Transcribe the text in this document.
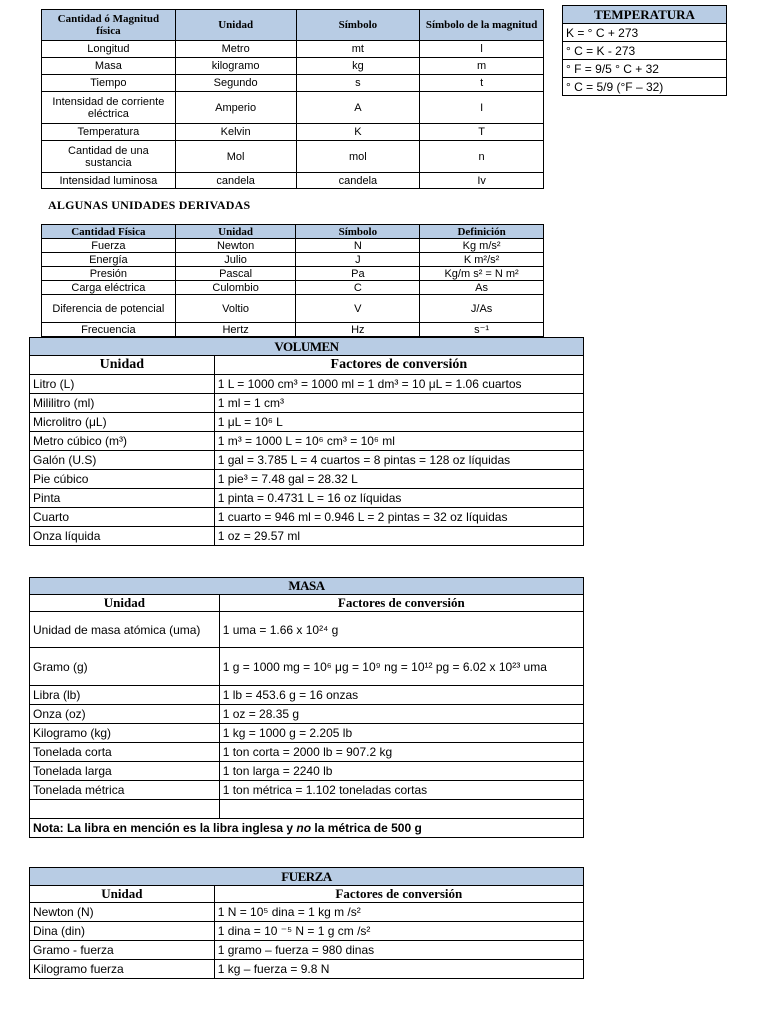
Cantidad ó Magnitud física	Unidad	Símbolo	Símbolo de la magnitud
Longitud	Metro	mt	l
Masa	kilogramo	kg	m
Tiempo	Segundo	s	t
Intensidad de corriente eléctrica	Amperio	A	I
Temperatura	Kelvin	K	T
Cantidad de una sustancia	Mol	mol	n
Intensidad luminosa	candela	candela	Iv
TEMPERATURA
K = ° C + 273
° C = K - 273
° F = 9/5 ° C + 32
° C = 5/9 (°F – 32)
ALGUNAS UNIDADES DERIVADAS
Cantidad Física	Unidad	Símbolo	Definición
Fuerza	Newton	N	Kg m/s²
Energía	Julio	J	K m²/s²
Presión	Pascal	Pa	Kg/m s² = N m²
Carga eléctrica	Culombio	C	As
Diferencia de potencial	Voltio	V	J/As
Frecuencia	Hertz	Hz	s⁻¹
VOLUMEN	
Unidad	Factores de conversión
Litro (L)	1 L = 1000 cm³ = 1000 ml = 1 dm³ = 10 μL = 1.06 cuartos
Mililitro (ml)	1 ml = 1 cm³
Microlitro (μL)	1 μL = 10⁶ L
Metro cúbico (m³)	1 m³ = 1000 L = 10⁶ cm³ = 10⁶ ml
Galón (U.S)	1 gal = 3.785 L = 4 cuartos = 8 pintas = 128 oz líquidas
Pie cúbico	1 pie³ = 7.48 gal = 28.32 L
Pinta	1 pinta = 0.4731 L = 16 oz líquidas
Cuarto	1 cuarto = 946 ml = 0.946 L = 2 pintas = 32 oz líquidas
Onza líquida	1 oz = 29.57 ml
MASA	
Unidad	Factores de conversión
Unidad de masa atómica (uma)	1 uma = 1.66 x 10²⁴ g
Gramo (g)	1 g = 1000 mg = 10⁶ μg = 10⁹ ng = 10¹² pg = 6.02 x 10²³ uma
Libra (lb)	1 lb = 453.6 g = 16 onzas
Onza (oz)	1 oz = 28.35 g
Kilogramo (kg)	1 kg = 1000 g = 2.205 lb
Tonelada corta	1 ton corta = 2000 lb = 907.2 kg
Tonelada larga	1 ton larga = 2240 lb
Tonelada métrica	1 ton métrica = 1.102 toneladas cortas

Nota: La libra en mención es la libra inglesa y no la métrica de 500 g	
FUERZA	
Unidad	Factores de conversión
Newton (N)	1 N = 10⁵ dina = 1 kg m /s²
Dina (din)	1 dina = 10 ⁻⁵ N = 1 g cm /s²
Gramo - fuerza	1 gramo – fuerza = 980 dinas
Kilogramo fuerza	1 kg – fuerza = 9.8 N
